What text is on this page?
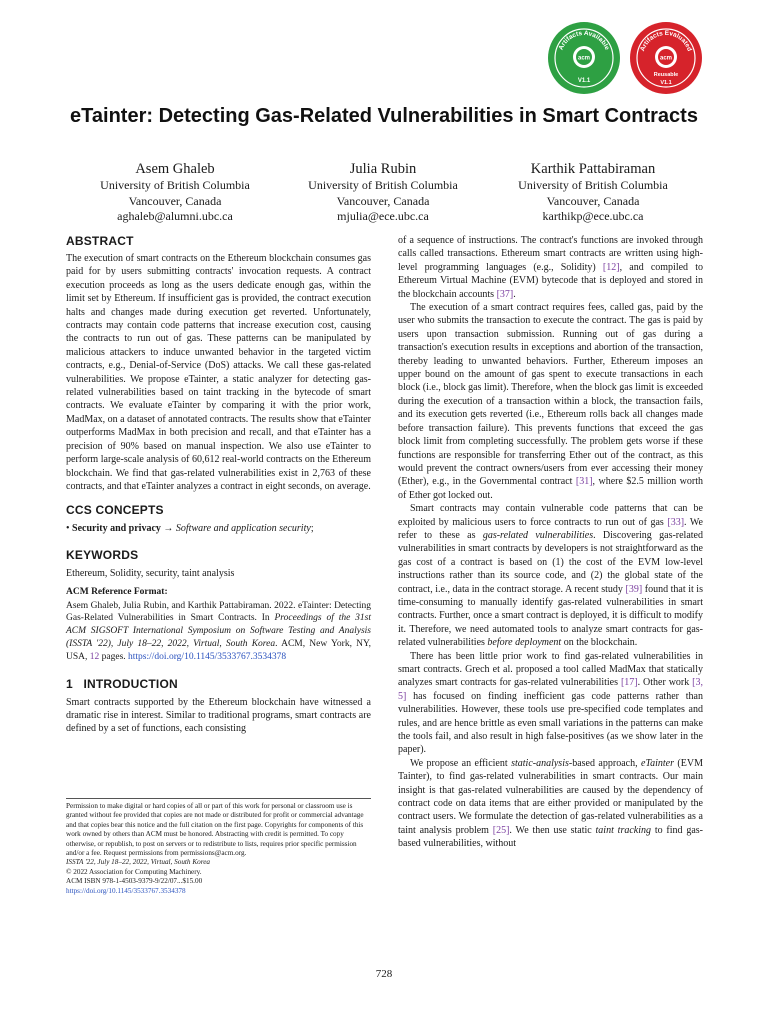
acm
Artifacts Available
V1.1
acm
Artifacts Evaluated
Reusable
V1.1
eTainter: Detecting Gas-Related Vulnerabilities in Smart Contracts
Asem Ghaleb
University of British Columbia
Vancouver, Canada
aghaleb@alumni.ubc.ca
Julia Rubin
University of British Columbia
Vancouver, Canada
mjulia@ece.ubc.ca
Karthik Pattabiraman
University of British Columbia
Vancouver, Canada
karthikp@ece.ubc.ca
ABSTRACT

The execution of smart contracts on the Ethereum blockchain consumes gas paid for by users submitting contracts' invocation requests. A contract execution proceeds as long as the users dedicate enough gas, within the limit set by Ethereum. If insufficient gas is provided, the contract execution halts and changes made during execution get reverted. Unfortunately, contracts may contain code patterns that increase execution cost, causing the contracts to run out of gas. These patterns can be manipulated by malicious attackers to induce unwanted behavior in the targeted victim contracts, e.g., Denial-of-Service (DoS) attacks. We call these gas-related vulnerabilities. We propose eTainter, a static analyzer for detecting gas-related vulnerabilities based on taint tracking in the bytecode of smart contracts. We evaluate eTainter by comparing it with the prior work, MadMax, on a dataset of annotated contracts. The results show that eTainter outperforms MadMax in both precision and recall, and that eTainter has a precision of 90% based on manual inspection. We also use eTainter to perform large-scale analysis of 60,612 real-world contracts on the Ethereum blockchain. We find that gas-related vulnerabilities exist in 2,763 of these contracts, and that eTainter analyzes a contract in eight seconds, on average.

CCS CONCEPTS

• Security and privacy → Software and application security;

KEYWORDS

Ethereum, Solidity, security, taint analysis

ACM Reference Format:

Asem Ghaleb, Julia Rubin, and Karthik Pattabiraman. 2022. eTainter: Detecting Gas-Related Vulnerabilities in Smart Contracts. In Proceedings of the 31st ACM SIGSOFT International Symposium on Software Testing and Analysis (ISSTA '22), July 18–22, 2022, Virtual, South Korea. ACM, New York, NY, USA, 12 pages. https://doi.org/10.1145/3533767.3534378

1   INTRODUCTION

Smart contracts supported by the Ethereum blockchain have witnessed a dramatic rise in interest. Similar to traditional programs, smart contracts are defined by a set of functions, each consisting

Permission to make digital or hard copies of all or part of this work for personal or classroom use is granted without fee provided that copies are not made or distributed for profit or commercial advantage and that copies bear this notice and the full citation on the first page. Copyrights for components of this work owned by others than ACM must be honored. Abstracting with credit is permitted. To copy otherwise, or republish, to post on servers or to redistribute to lists, requires prior specific permission and/or a fee. Request permissions from permissions@acm.org.

ISSTA '22, July 18–22, 2022, Virtual, South Korea

© 2022 Association for Computing Machinery.

ACM ISBN 978-1-4503-9379-9/22/07...$15.00

https://doi.org/10.1145/3533767.3534378

of a sequence of instructions. The contract's functions are invoked through calls called transactions. Ethereum smart contracts are written using high-level programming languages (e.g., Solidity) [12], and compiled to Ethereum Virtual Machine (EVM) bytecode that is deployed and stored in the blockchain accounts [37].

The execution of a smart contract requires fees, called gas, paid by the user who submits the transaction to execute the contract. The gas is paid by users upon transaction submission. Running out of gas during a transaction's execution results in exceptions and abortion of the transaction, thereby leading to unwanted behaviors. Further, Ethereum imposes an upper bound on the amount of gas spent to execute transactions in each block (i.e., block gas limit). Therefore, when the block gas limit is exceeded during the execution of a transaction within a block, the transaction fails, and its execution gets reverted (i.e., Ethereum rolls back all changes made before transaction failure). This prevents functions that exceed the gas block limit from completing successfully. The problem gets worse if these functions are responsible for transferring Ether out of the contract, as this would prevent the contract owners/users from ever accessing their money (Ether), e.g., in the Governmental contract [31], where $2.5 million worth of Ether got locked out.

Smart contracts may contain vulnerable code patterns that can be exploited by malicious users to force contracts to run out of gas [33]. We refer to these as gas-related vulnerabilities. Discovering gas-related vulnerabilities in smart contracts by developers is not straightforward as the gas cost of a contract is based on (1) the cost of the EVM low-level instructions rather than its source code, and (2) the global state of the contract, i.e., data in the contract storage. A recent study [39] found that it is time-consuming to manually identify gas-related vulnerabilities in smart contracts. Further, once a smart contract is deployed, it is difficult to modify it. Therefore, we need automated tools to analyze smart contracts for gas-related vulnerabilities before deployment on the blockchain.

There has been little prior work to find gas-related vulnerabilities in smart contracts. Grech et al. proposed a tool called MadMax that statically analyzes smart contracts for gas-related vulnerabilities [17]. Other work [3, 5] has focused on finding inefficient gas code patterns rather than vulnerabilities. However, these tools use pre-specified code templates and rules, and are hence brittle as even small variations in the patterns can make the tools fail, and also result in high false-positives (as we show later in the paper).

We propose an efficient static-analysis-based approach, eTainter (EVM Tainter), to find gas-related vulnerabilities in smart contracts. Our main insight is that gas-related vulnerabilities are caused by the dependency of contract code on data items that are either provided or manipulated by the contract users. We formulate the detection of gas-related vulnerabilities as a taint analysis problem [25]. We then use static taint tracking to find gas-based vulnerabilities, without

728
